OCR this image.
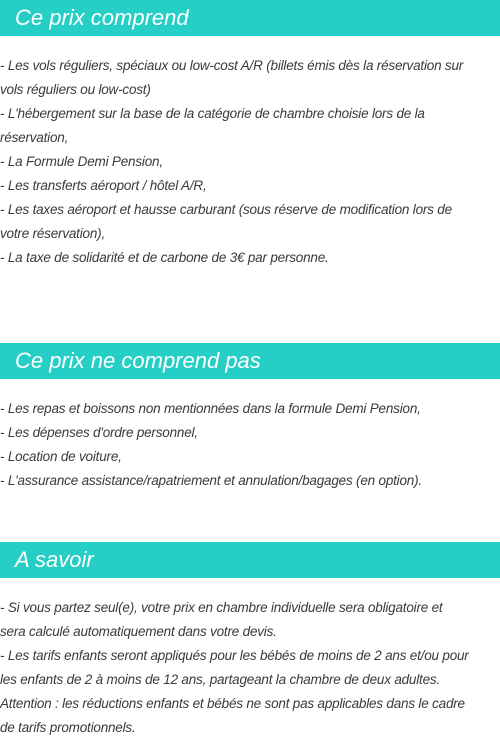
Ce prix comprend
- Les vols réguliers, spéciaux ou low-cost A/R (billets émis dès la réservation sur
vols réguliers ou low-cost)
- L'hébergement sur la base de la catégorie de chambre choisie lors de la
réservation,
- La Formule Demi Pension,
- Les transferts aéroport / hôtel A/R,
- Les taxes aéroport et hausse carburant (sous réserve de modification lors de
votre réservation),
- La taxe de solidarité et de carbone de 3€ par personne.
Ce prix ne comprend pas
- Les repas et boissons non mentionnées dans la formule Demi Pension,
- Les dépenses d'ordre personnel,
- Location de voiture,
- L'assurance assistance/rapatriement et annulation/bagages (en option).
A savoir
- Si vous partez seul(e), votre prix en chambre individuelle sera obligatoire et
sera calculé automatiquement dans votre devis.
- Les tarifs enfants seront appliqués pour les bébés de moins de 2 ans et/ou pour
les enfants de 2 à moins de 12 ans, partageant la chambre de deux adultes.
Attention : les réductions enfants et bébés ne sont pas applicables dans le cadre
de tarifs promotionnels.
